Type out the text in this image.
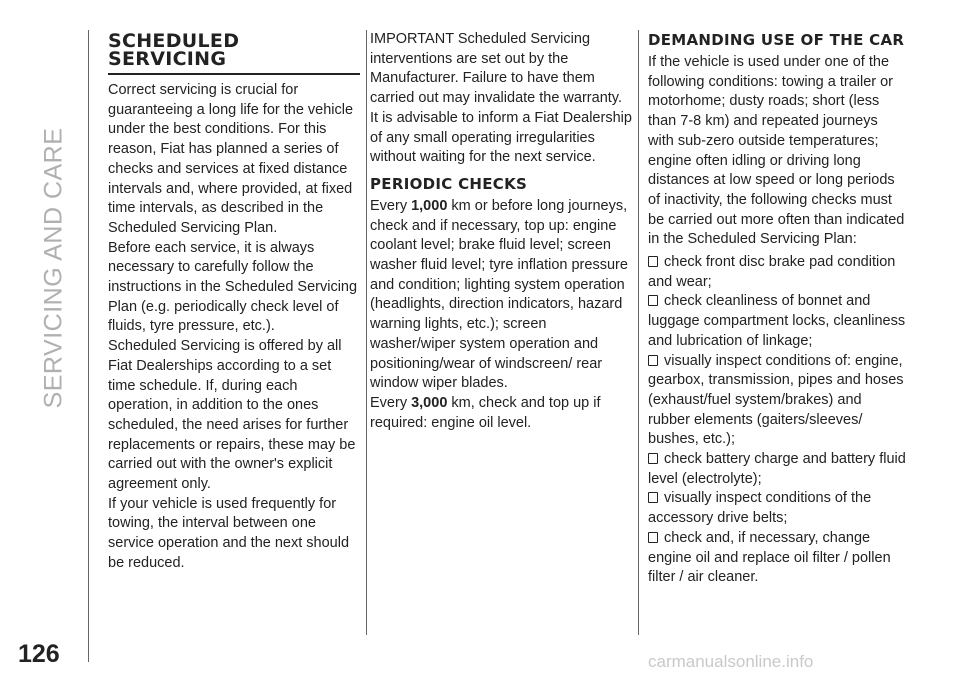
SERVICING AND CARE
126	carmanualsonline.info
SCHEDULED SERVICING

Correct servicing is crucial for guaranteeing a long life for the vehicle under the best conditions. For this reason, Fiat has planned a series of checks and services at fixed distance intervals and, where provided, at fixed time intervals, as described in the Scheduled Servicing Plan.

Before each service, it is always necessary to carefully follow the instructions in the Scheduled Servicing Plan (e.g. periodically check level of fluids, tyre pressure, etc.).

Scheduled Servicing is offered by all Fiat Dealerships according to a set time schedule. If, during each operation, in addition to the ones scheduled, the need arises for further replacements or repairs, these may be carried out with the owner's explicit agreement only.

If your vehicle is used frequently for towing, the interval between one service operation and the next should be reduced.

IMPORTANT Scheduled Servicing interventions are set out by the Manufacturer. Failure to have them carried out may invalidate the warranty. It is advisable to inform a Fiat Dealership of any small operating irregularities without waiting for the next service.

PERIODIC CHECKS

Every 1,000 km or before long journeys, check and if necessary, top up: engine coolant level; brake fluid level; screen washer fluid level; tyre inflation pressure and condition; lighting system operation (headlights, direction indicators, hazard warning lights, etc.); screen washer/wiper system operation and positioning/wear of windscreen/ rear window wiper blades.

Every 3,000 km, check and top up if required: engine oil level.

DEMANDING USE OF THE CAR

If the vehicle is used under one of the following conditions: towing a trailer or motorhome; dusty roads; short (less than 7-8 km) and repeated journeys with sub-zero outside temperatures; engine often idling or driving long distances at low speed or long periods of inactivity, the following checks must be carried out more often than indicated in the Scheduled Servicing Plan:

check front disc brake pad condition and wear;

check cleanliness of bonnet and luggage compartment locks, cleanliness and lubrication of linkage;

visually inspect conditions of: engine, gearbox, transmission, pipes and hoses (exhaust/fuel system/brakes) and rubber elements (gaiters/sleeves/ bushes, etc.);

check battery charge and battery fluid level (electrolyte);

visually inspect conditions of the accessory drive belts;

check and, if necessary, change engine oil and replace oil filter / pollen filter / air cleaner.
